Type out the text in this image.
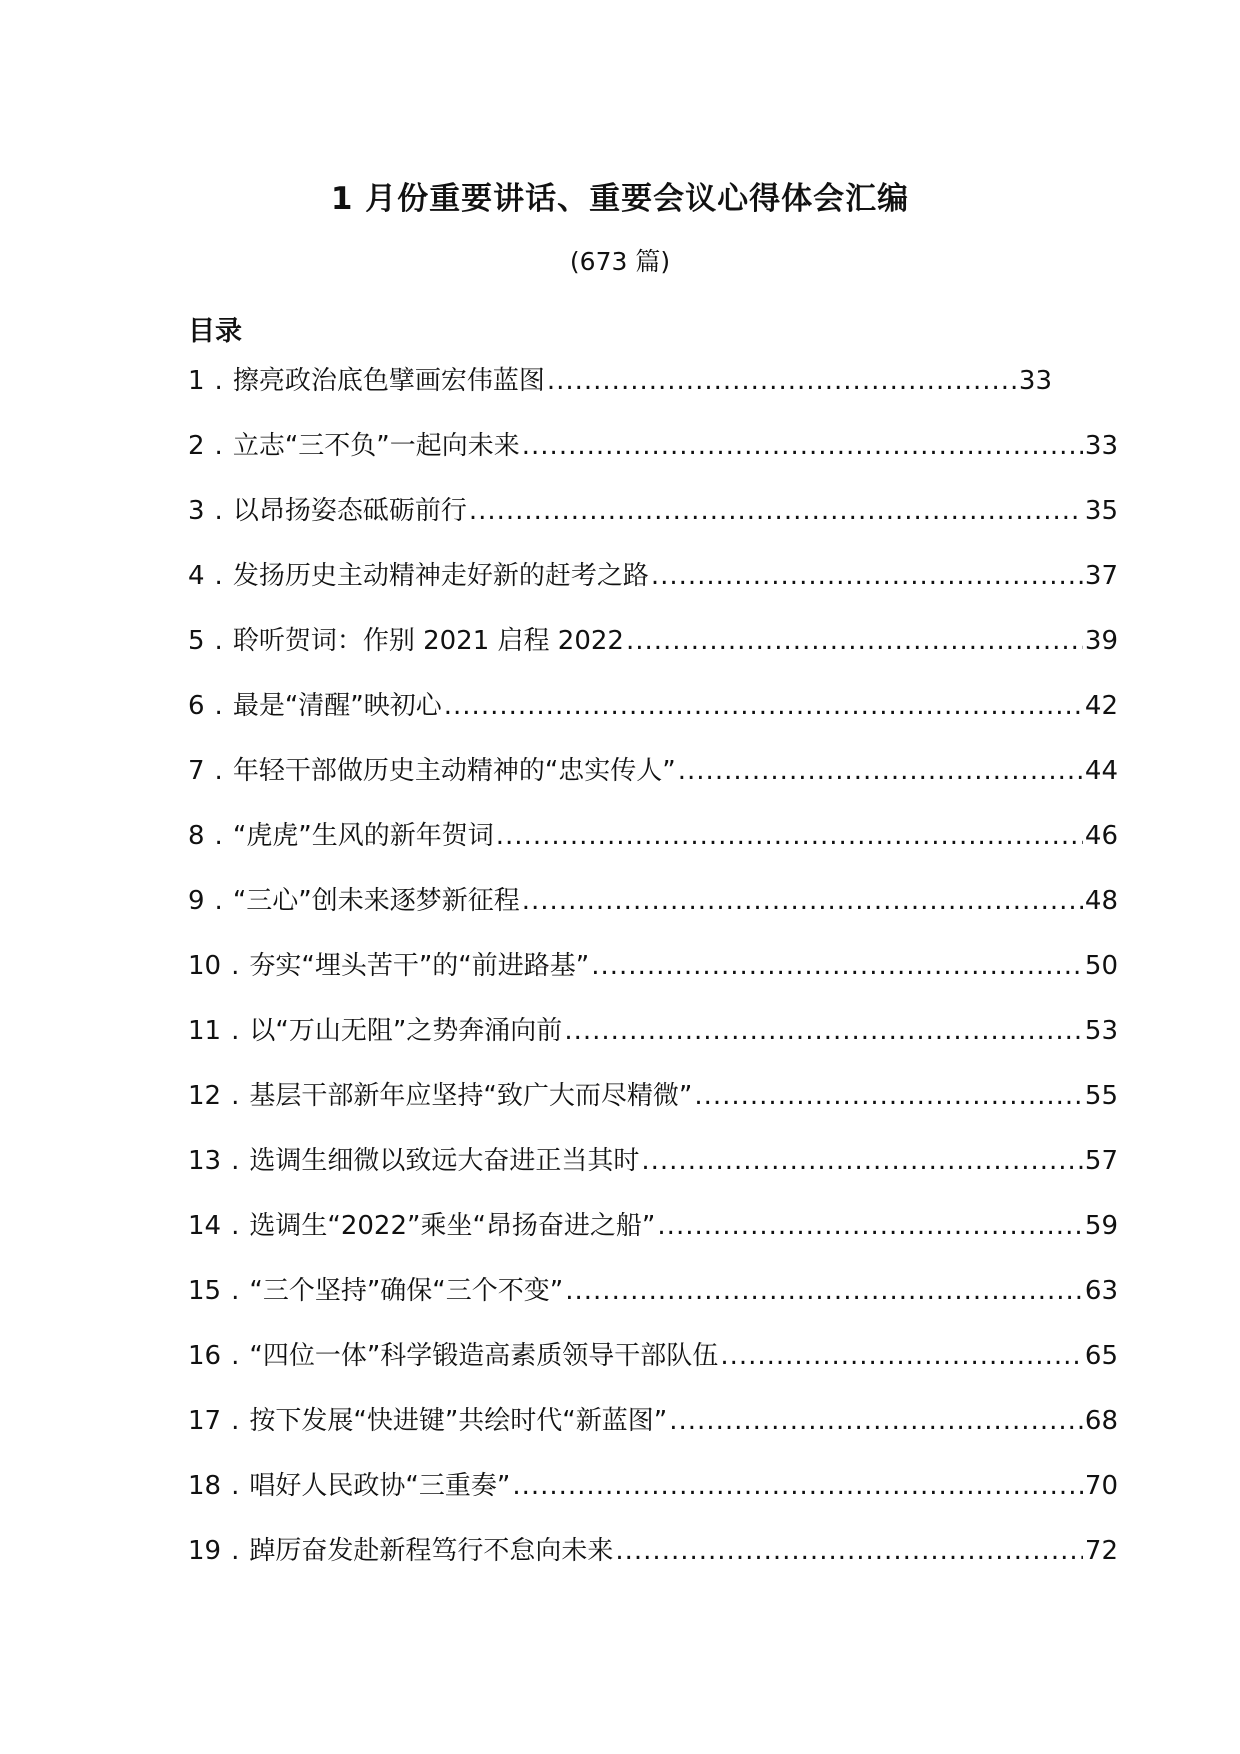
1 月份重要讲话、重要会议心得体会汇编
(673 篇)
目录
1 . 擦亮政治底色擘画宏伟蓝图 .....	33
2 . 立志“三不负”一起向未来 .....	33
3 . 以昂扬姿态砥砺前行 .....	35
4 . 发扬历史主动精神走好新的赶考之路 .....	37
5 . 聆听贺词：作别 2021 启程 2022 .....	39
6 . 最是“清醒”映初心 .....	42
7 . 年轻干部做历史主动精神的“忠实传人” .....	44
8 . “虎虎”生风的新年贺词 .....	46
9 . “三心”创未来逐梦新征程 .....	48
10 . 夯实“埋头苦干”的“前进路基” .....	50
11 . 以“万山无阻”之势奔涌向前 .....	53
12 . 基层干部新年应坚持“致广大而尽精微” .....	55
13 . 选调生细微以致远大奋进正当其时 .....	57
14 . 选调生“2022”乘坐“昂扬奋进之船” .....	59
15 . “三个坚持”确保“三个不变” .....	63
16 . “四位一体”科学锻造高素质领导干部队伍 .....	65
17 . 按下发展“快进键”共绘时代“新蓝图” .....	68
18 . 唱好人民政协“三重奏” .....	70
19 . 踔厉奋发赴新程笃行不怠向未来 .....	72
